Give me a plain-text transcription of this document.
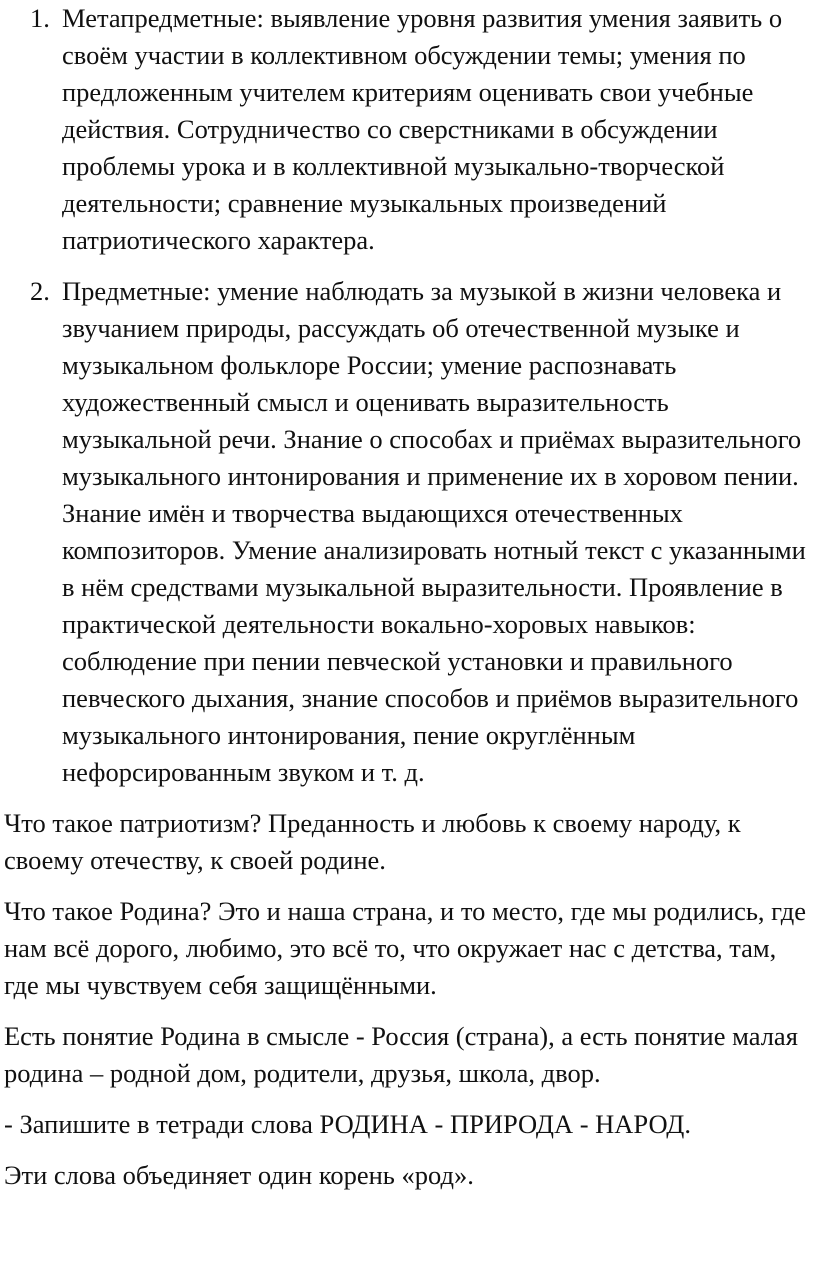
1. Метапредметные: выявление уровня развития умения заявить о своём участии в коллективном обсуждении темы; умения по предложенным учителем критериям оценивать свои учебные действия. Сотрудничество со сверстниками в обсуждении проблемы урока и в коллективной музыкально-творческой деятельности; сравнение музыкальных произведений патриотического характера.

2. Предметные: умение наблюдать за музыкой в жизни человека и звучанием природы, рассуждать об отечественной музыке и музыкальном фольклоре России; умение распознавать художественный смысл и оценивать выразительность музыкальной речи. Знание о способах и приёмах выразительного музыкального интонирования и применение их в хоровом пении. Знание имён и творчества выдающихся отечественных композиторов. Умение анализировать нотный текст с указанными в нём средствами музыкальной выразительности. Проявление в практической деятельности вокально-хоровых навыков: соблюдение при пении певческой установки и правильного певческого дыхания, знание способов и приёмов выразительного музыкального интонирования, пение округлённым нефорсированным звуком и т. д.

Что такое патриотизм? Преданность и любовь к своему народу, к своему отечеству, к своей родине.

Что такое Родина? Это и наша страна, и то место, где мы родились, где нам всё дорого, любимо, это всё то, что окружает нас с детства, там, где мы чувствуем себя защищёнными.

Есть понятие Родина в смысле - Россия (страна), а есть понятие малая родина – родной дом, родители, друзья, школа, двор.

- Запишите в тетради слова РОДИНА - ПРИРОДА - НАРОД.

Эти слова объединяет один корень «род».
